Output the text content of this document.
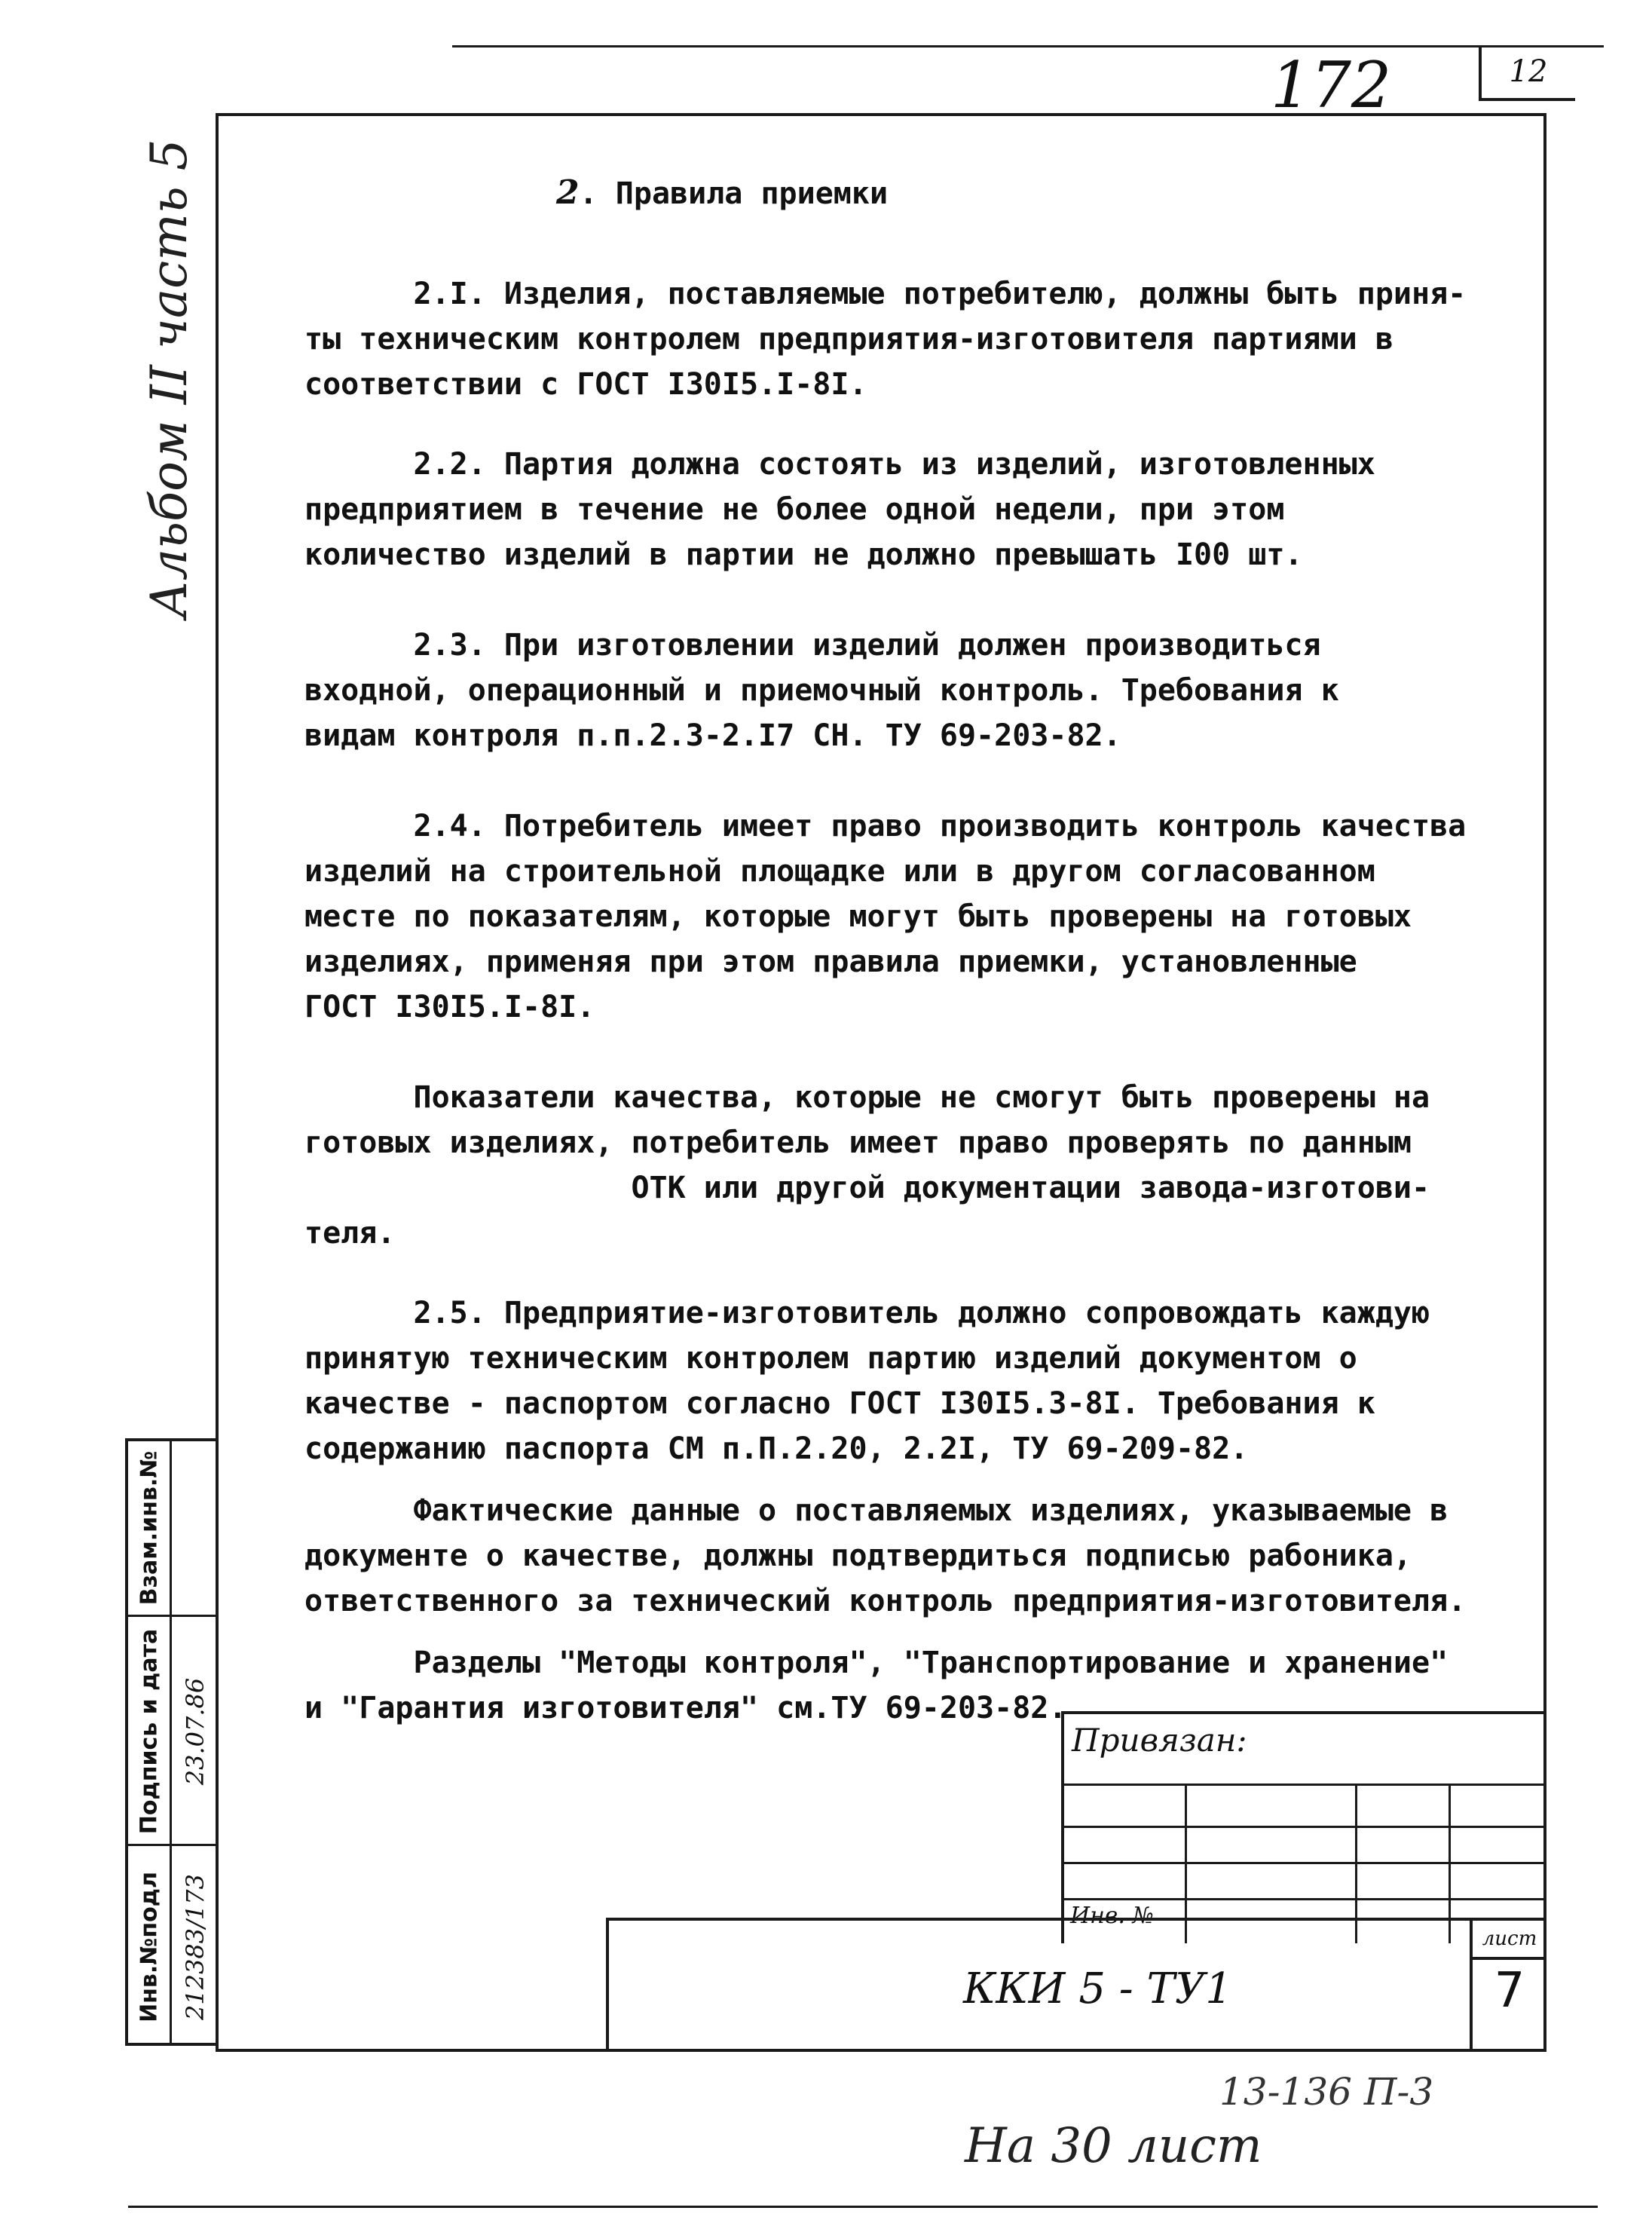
172	12
Альбом II часть 5	2. Правила приемки

2.I. Изделия, поставляемые потребителю, должны быть приня-

ты техническим контролем предприятия-изготовителя партиями в

соответствии с ГОСТ I30I5.I-8I.

2.2. Партия должна состоять из изделий, изготовленных

предприятием в течение не более одной недели, при этом

количество изделий в партии не должно превышать I00 шт.

2.3. При изготовлении изделий должен производиться

входной, операционный и приемочный контроль. Требования к

видам контроля п.п.2.3-2.I7 СН. ТУ 69-203-82.

2.4. Потребитель имеет право производить контроль качества

изделий на строительной площадке или в другом согласованном

месте по показателям, которые могут быть проверены на готовых

изделиях, применяя при этом правила приемки, установленные

ГОСТ I30I5.I-8I.

Показатели качества, которые не смогут быть проверены на

готовых изделиях, потребитель имеет право проверять по данным

ОТК или другой документации завода-изготови-

теля.

2.5. Предприятие-изготовитель должно сопровождать каждую

принятую техническим контролем партию изделий документом о

качестве - паспортом согласно ГОСТ I30I5.3-8I. Требования к

содержанию паспорта СМ п.П.2.20, 2.2I, ТУ 69-209-82.

Фактические данные о поставляемых изделиях, указываемые в

документе о качестве, должны подтвердиться подписью рабоника,

ответственного за технический контроль предприятия-изготовителя.

Разделы "Методы контроля", "Транспортирование и хранение"

и "Гарантия изготовителя" см.ТУ 69-203-82.

Взам.инв.№
Подпись и дата
Инв.№подл
23.07.86
212383/173
Привязан:
Инв. №
ККИ 5 - ТУ1
лист
7
13-136 П-3
На 30 лист
